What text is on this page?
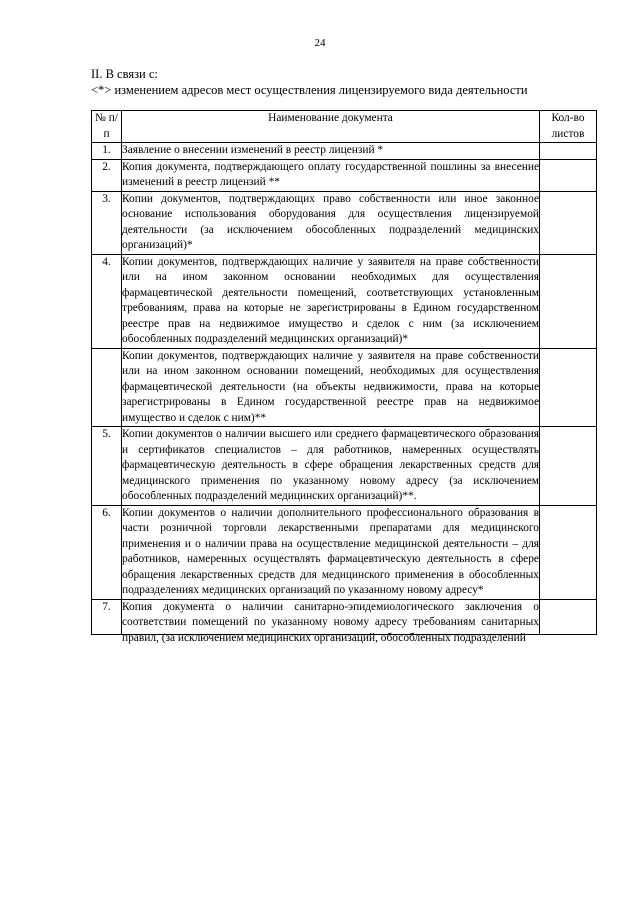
24
II. В связи с:
<*> изменением адресов мест осуществления лицензируемого вида деятельности
№ п/п	Наименование документа	Кол-во листов
1.	Заявление о внесении изменений в реестр лицензий *	
2.	Копия документа, подтверждающего оплату государственной пошлины за внесение изменений в реестр лицензий **	
3.	Копии документов, подтверждающих право собственности или иное законное основание использования оборудования для осуществления лицензируемой деятельности (за исключением обособленных подразделений медицинских организаций)*	
4.	Копии документов, подтверждающих наличие у заявителя на праве собственности или на ином законном основании необходимых для осуществления фармацевтической деятельности помещений, соответствующих установленным требованиям, права на которые не зарегистрированы в Едином государственном реестре прав на недвижимое имущество и сделок с ним (за исключением обособленных подразделений медицинских организаций)*	
	Копии документов, подтверждающих наличие у заявителя на праве собственности или на ином законном основании помещений, необходимых для осуществления фармацевтической деятельности (на объекты недвижимости, права на которые зарегистрированы в Едином государственной реестре прав на недвижимое имущество и сделок с ним)**	
5.	Копии документов о наличии высшего или среднего фармацевтического образования и сертификатов специалистов – для работников, намеренных осуществлять фармацевтическую деятельность в сфере обращения лекарственных средств для медицинского применения по указанному новому адресу (за исключением обособленных подразделений медицинских организаций)**.	
6.	Копии документов о наличии дополнительного профессионального образования в части розничной торговли лекарственными препаратами для медицинского применения и о наличии права на осуществление медицинской деятельности – для работников, намеренных осуществлять фармацевтическую деятельность в сфере обращения лекарственных средств для медицинского применения в обособленных подразделениях медицинских организаций по указанному новому адресу*	
7.	Копия документа о наличии санитарно-эпидемиологического заключения о соответствии помещений по указанному новому адресу требованиям санитарных правил, (за исключением медицинских организаций, обособленных подразделений	
